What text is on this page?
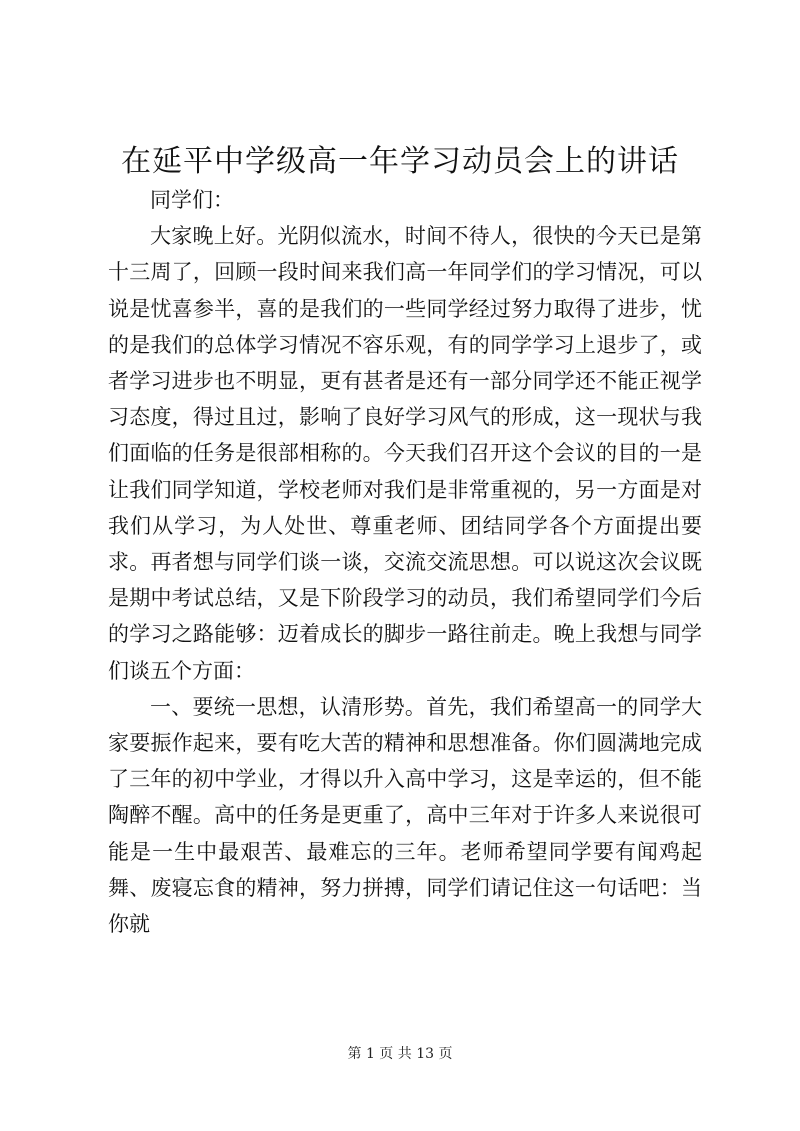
在延平中学级高一年学习动员会上的讲话

同学们：

大家晚上好。光阴似流水，时间不待人，很快的今天已是第十三周了，回顾一段时间来我们高一年同学们的学习情况，可以说是忧喜参半，喜的是我们的一些同学经过努力取得了进步，忧的是我们的总体学习情况不容乐观，有的同学学习上退步了，或者学习进步也不明显，更有甚者是还有一部分同学还不能正视学习态度，得过且过，影响了良好学习风气的形成，这一现状与我们面临的任务是很部相称的。今天我们召开这个会议的目的一是让我们同学知道，学校老师对我们是非常重视的，另一方面是对我们从学习，为人处世、尊重老师、团结同学各个方面提出要求。再者想与同学们谈一谈，交流交流思想。可以说这次会议既是期中考试总结，又是下阶段学习的动员，我们希望同学们今后的学习之路能够：迈着成长的脚步一路往前走。晚上我想与同学们谈五个方面：

一、要统一思想，认清形势。首先，我们希望高一的同学大家要振作起来，要有吃大苦的精神和思想准备。你们圆满地完成了三年的初中学业，才得以升入高中学习，这是幸运的，但不能陶醉不醒。高中的任务是更重了，高中三年对于许多人来说很可能是一生中最艰苦、最难忘的三年。老师希望同学要有闻鸡起舞、废寝忘食的精神，努力拼搏，同学们请记住这一句话吧：当你就

第 1 页 共 13 页
